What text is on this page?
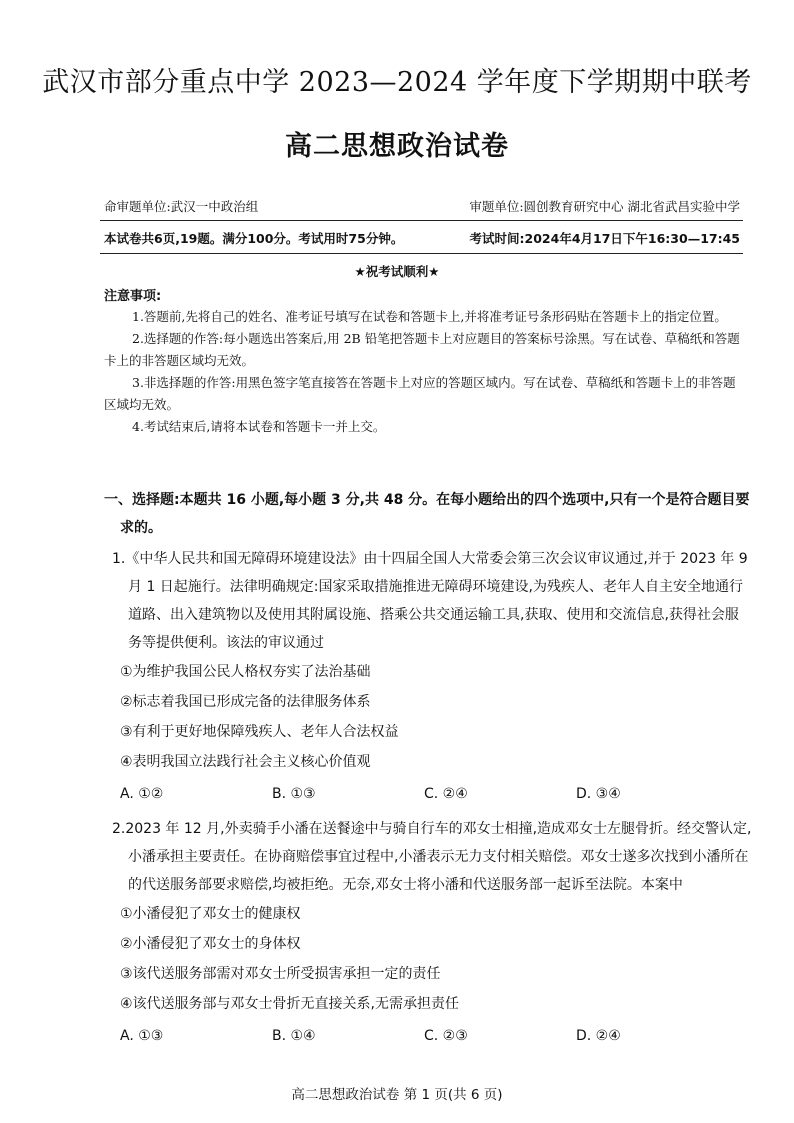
武汉市部分重点中学 2023—2024 学年度下学期期中联考
高二思想政治试卷
命审题单位:武汉一中政治组	审题单位:圆创教育研究中心 湖北省武昌实验中学
本试卷共6页,19题。满分100分。考试用时75分钟。	考试时间:2024年4月17日下午16:30—17:45
★祝考试顺利★
注意事项:

1.答题前,先将自己的姓名、准考证号填写在试卷和答题卡上,并将准考证号条形码贴在答题卡上的指定位置。

2.选择题的作答:每小题选出答案后,用 2B 铅笔把答题卡上对应题目的答案标号涂黑。写在试卷、草稿纸和答题卡上的非答题区域均无效。

3.非选择题的作答:用黑色签字笔直接答在答题卡上对应的答题区域内。写在试卷、草稿纸和答题卡上的非答题区域均无效。

4.考试结束后,请将本试卷和答题卡一并上交。

一、选择题:本题共 16 小题,每小题 3 分,共 48 分。在每小题给出的四个选项中,只有一个是符合题目要
求的。

1.《中华人民共和国无障碍环境建设法》由十四届全国人大常委会第三次会议审议通过,并于 2023 年 9 月 1 日起施行。法律明确规定:国家采取措施推进无障碍环境建设,为残疾人、老年人自主安全地通行道路、出入建筑物以及使用其附属设施、搭乘公共交通运输工具,获取、使用和交流信息,获得社会服务等提供便利。该法的审议通过

①为维护我国公民人格权夯实了法治基础

②标志着我国已形成完备的法律服务体系

③有利于更好地保障残疾人、老年人合法权益

④表明我国立法践行社会主义核心价值观

A. ①②	B. ①③	C. ②④	D. ③④

2.2023 年 12 月,外卖骑手小潘在送餐途中与骑自行车的邓女士相撞,造成邓女士左腿骨折。经交警认定,小潘承担主要责任。在协商赔偿事宜过程中,小潘表示无力支付相关赔偿。邓女士遂多次找到小潘所在的代送服务部要求赔偿,均被拒绝。无奈,邓女士将小潘和代送服务部一起诉至法院。本案中

①小潘侵犯了邓女士的健康权

②小潘侵犯了邓女士的身体权

③该代送服务部需对邓女士所受损害承担一定的责任

④该代送服务部与邓女士骨折无直接关系,无需承担责任

A. ①③	B. ①④	C. ②③	D. ②④
高二思想政治试卷 第 1 页(共 6 页)
